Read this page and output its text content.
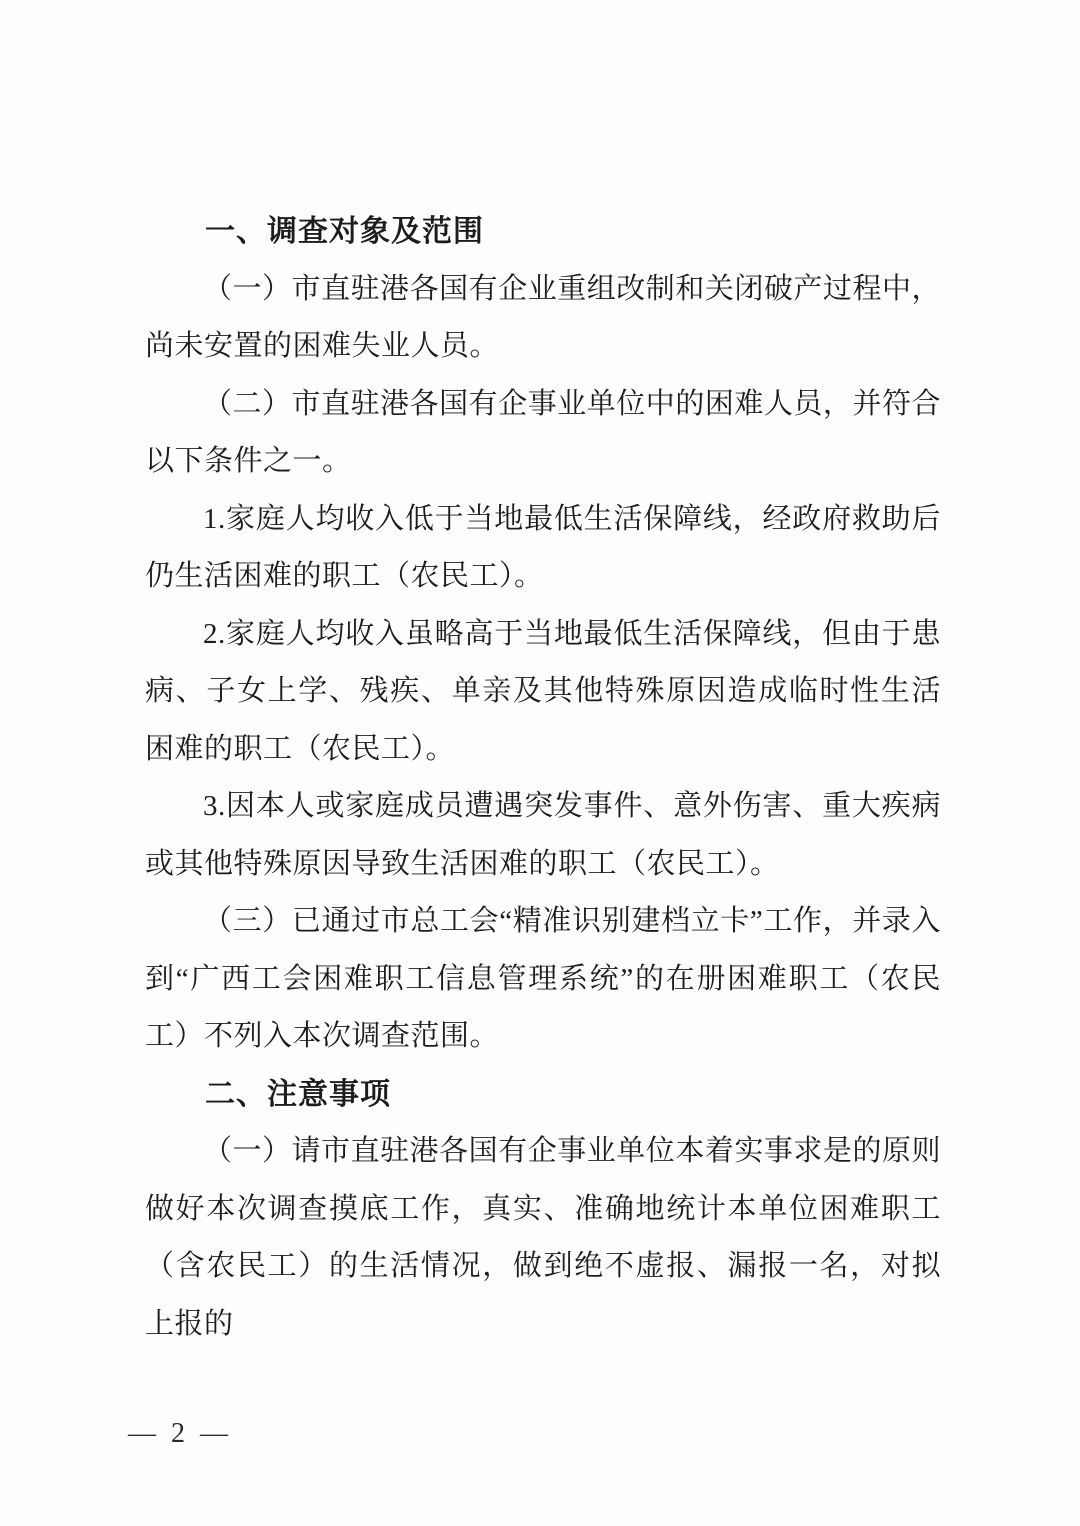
一、调查对象及范围

（一）市直驻港各国有企业重组改制和关闭破产过程中，尚未安置的困难失业人员。

（二）市直驻港各国有企事业单位中的困难人员，并符合以下条件之一。

1.家庭人均收入低于当地最低生活保障线，经政府救助后仍生活困难的职工（农民工）。

2.家庭人均收入虽略高于当地最低生活保障线，但由于患病、子女上学、残疾、单亲及其他特殊原因造成临时性生活困难的职工（农民工）。

3.因本人或家庭成员遭遇突发事件、意外伤害、重大疾病或其他特殊原因导致生活困难的职工（农民工）。

（三）已通过市总工会“精准识别建档立卡”工作，并录入到“广西工会困难职工信息管理系统”的在册困难职工（农民工）不列入本次调查范围。

二、注意事项

（一）请市直驻港各国有企事业单位本着实事求是的原则做好本次调查摸底工作，真实、准确地统计本单位困难职工（含农民工）的生活情况，做到绝不虚报、漏报一名，对拟上报的

— 2 —
